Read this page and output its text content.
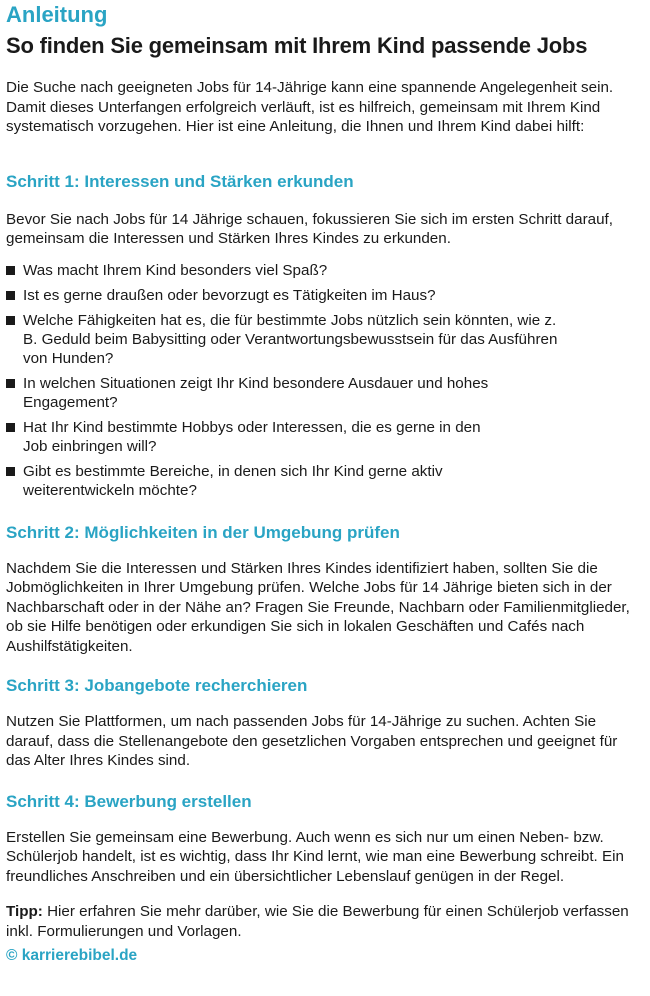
Anleitung
So finden Sie gemeinsam mit Ihrem Kind passende Jobs

Die Suche nach geeigneten Jobs für 14-Jährige kann eine spannende Angelegenheit sein. Damit dieses Unterfangen erfolgreich verläuft, ist es hilfreich, gemeinsam mit Ihrem Kind systematisch vorzugehen. Hier ist eine Anleitung, die Ihnen und Ihrem Kind dabei hilft:

Schritt 1: Interessen und Stärken erkunden

Bevor Sie nach Jobs für 14 Jährige schauen, fokussieren Sie sich im ersten Schritt darauf, gemeinsam die Interessen und Stärken Ihres Kindes zu erkunden.

Was macht Ihrem Kind besonders viel Spaß?
Ist es gerne draußen oder bevorzugt es Tätigkeiten im Haus?
Welche Fähigkeiten hat es, die für bestimmte Jobs nützlich sein könnten, wie z. B. Geduld beim Babysitting oder Verantwortungsbewusstsein für das Ausführen von Hunden?
In welchen Situationen zeigt Ihr Kind besondere Ausdauer und hohes Engagement?
Hat Ihr Kind bestimmte Hobbys oder Interessen, die es gerne in den Job einbringen will?
Gibt es bestimmte Bereiche, in denen sich Ihr Kind gerne aktiv weiterentwickeln möchte?
Schritt 2: Möglichkeiten in der Umgebung prüfen

Nachdem Sie die Interessen und Stärken Ihres Kindes identifiziert haben, sollten Sie die Jobmöglichkeiten in Ihrer Umgebung prüfen. Welche Jobs für 14 Jährige bieten sich in der Nachbarschaft oder in der Nähe an? Fragen Sie Freunde, Nachbarn oder Familienmitglieder, ob sie Hilfe benötigen oder erkundigen Sie sich in lokalen Geschäften und Cafés nach Aushilfstätigkeiten.

Schritt 3: Jobangebote recherchieren

Nutzen Sie Plattformen, um nach passenden Jobs für 14-Jährige zu suchen. Achten Sie darauf, dass die Stellenangebote den gesetzlichen Vorgaben entsprechen und geeignet für das Alter Ihres Kindes sind.

Schritt 4: Bewerbung erstellen

Erstellen Sie gemeinsam eine Bewerbung. Auch wenn es sich nur um einen Neben- bzw. Schülerjob handelt, ist es wichtig, dass Ihr Kind lernt, wie man eine Bewerbung schreibt. Ein freundliches Anschreiben und ein übersichtlicher Lebenslauf genügen in der Regel.

Tipp: Hier erfahren Sie mehr darüber, wie Sie die Bewerbung für einen Schülerjob verfassen inkl. Formulierungen und Vorlagen.

© karrierebibel.de
